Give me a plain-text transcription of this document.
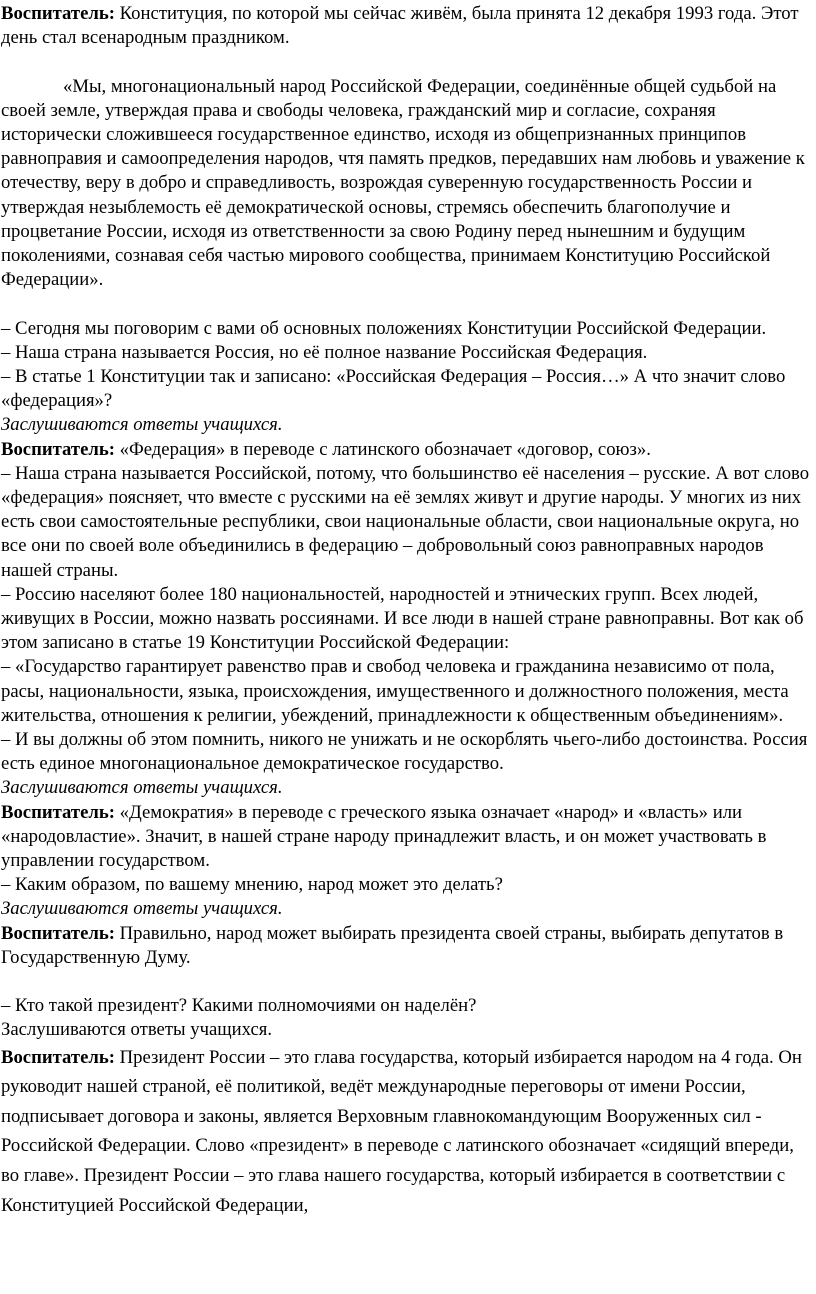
Воспитатель: Конституция, по которой мы сейчас живём, была принята 12 декабря 1993 года. Этот день стал всенародным праздником.

«Мы, многонациональный народ Российской Федерации, соединённые общей судьбой на своей земле, утверждая права и свободы человека, гражданский мир и согласие, сохраняя исторически сложившееся государственное единство, исходя из общепризнанных принципов равноправия и самоопределения народов, чтя память предков, передавших нам любовь и уважение к отечеству, веру в добро и справедливость, возрождая суверенную государственность России и утверждая незыблемость её демократической основы, стремясь обеспечить благополучие и процветание России, исходя из ответственности за свою Родину перед нынешним и будущим поколениями, сознавая себя частью мирового сообщества, принимаем Конституцию Российской Федерации».

– Сегодня мы поговорим с вами об основных положениях Конституции Российской Федерации.

– Наша страна называется Россия, но её полное название Российская Федерация.

– В статье 1 Конституции так и записано: «Российская Федерация – Россия…» А что значит слово «федерация»?

Заслушиваются ответы учащихся.

Воспитатель: «Федерация» в переводе с латинского обозначает «договор, союз».

– Наша страна называется Российской, потому, что большинство её населения – русские. А вот слово «федерация» поясняет, что вместе с русскими на её землях живут и другие народы. У многих из них есть свои самостоятельные республики, свои национальные области, свои национальные округа, но все они по своей воле объединились в федерацию – добровольный союз равноправных народов нашей страны.

– Россию населяют более 180 национальностей, народностей и этнических групп. Всех людей, живущих в России, можно назвать россиянами. И все люди в нашей стране равноправны. Вот как об этом записано в статье 19 Конституции Российской Федерации:

– «Государство гарантирует равенство прав и свобод человека и гражданина независимо от пола, расы, национальности, языка, происхождения, имущественного и должностного положения, места жительства, отношения к религии, убеждений, принадлежности к общественным объединениям».

– И вы должны об этом помнить, никого не унижать и не оскорблять чьего-либо достоинства. Россия есть единое многонациональное демократическое государство.

Заслушиваются ответы учащихся.

Воспитатель: «Демократия» в переводе с греческого языка означает «народ» и «власть» или «народовластие». Значит, в нашей стране народу принадлежит власть, и он может участвовать в управлении государством.

– Каким образом, по вашему мнению, народ может это делать?

Заслушиваются ответы учащихся.

Воспитатель: Правильно, народ может выбирать президента своей страны, выбирать депутатов в Государственную Думу.

– Кто такой президент? Какими полномочиями он наделён?

Заслушиваются ответы учащихся.

Воспитатель: Президент России – это глава государства, который избирается народом на 4 года. Он руководит нашей страной, её политикой, ведёт международные переговоры от имени России, подписывает договора и законы, является Верховным главнокомандующим Вооруженных сил - Российской Федерации. Слово «президент» в переводе с латинского обозначает «сидящий впереди, во главе». Президент России – это глава нашего государства, который избирается в соответствии с Конституцией Российской Федерации,
